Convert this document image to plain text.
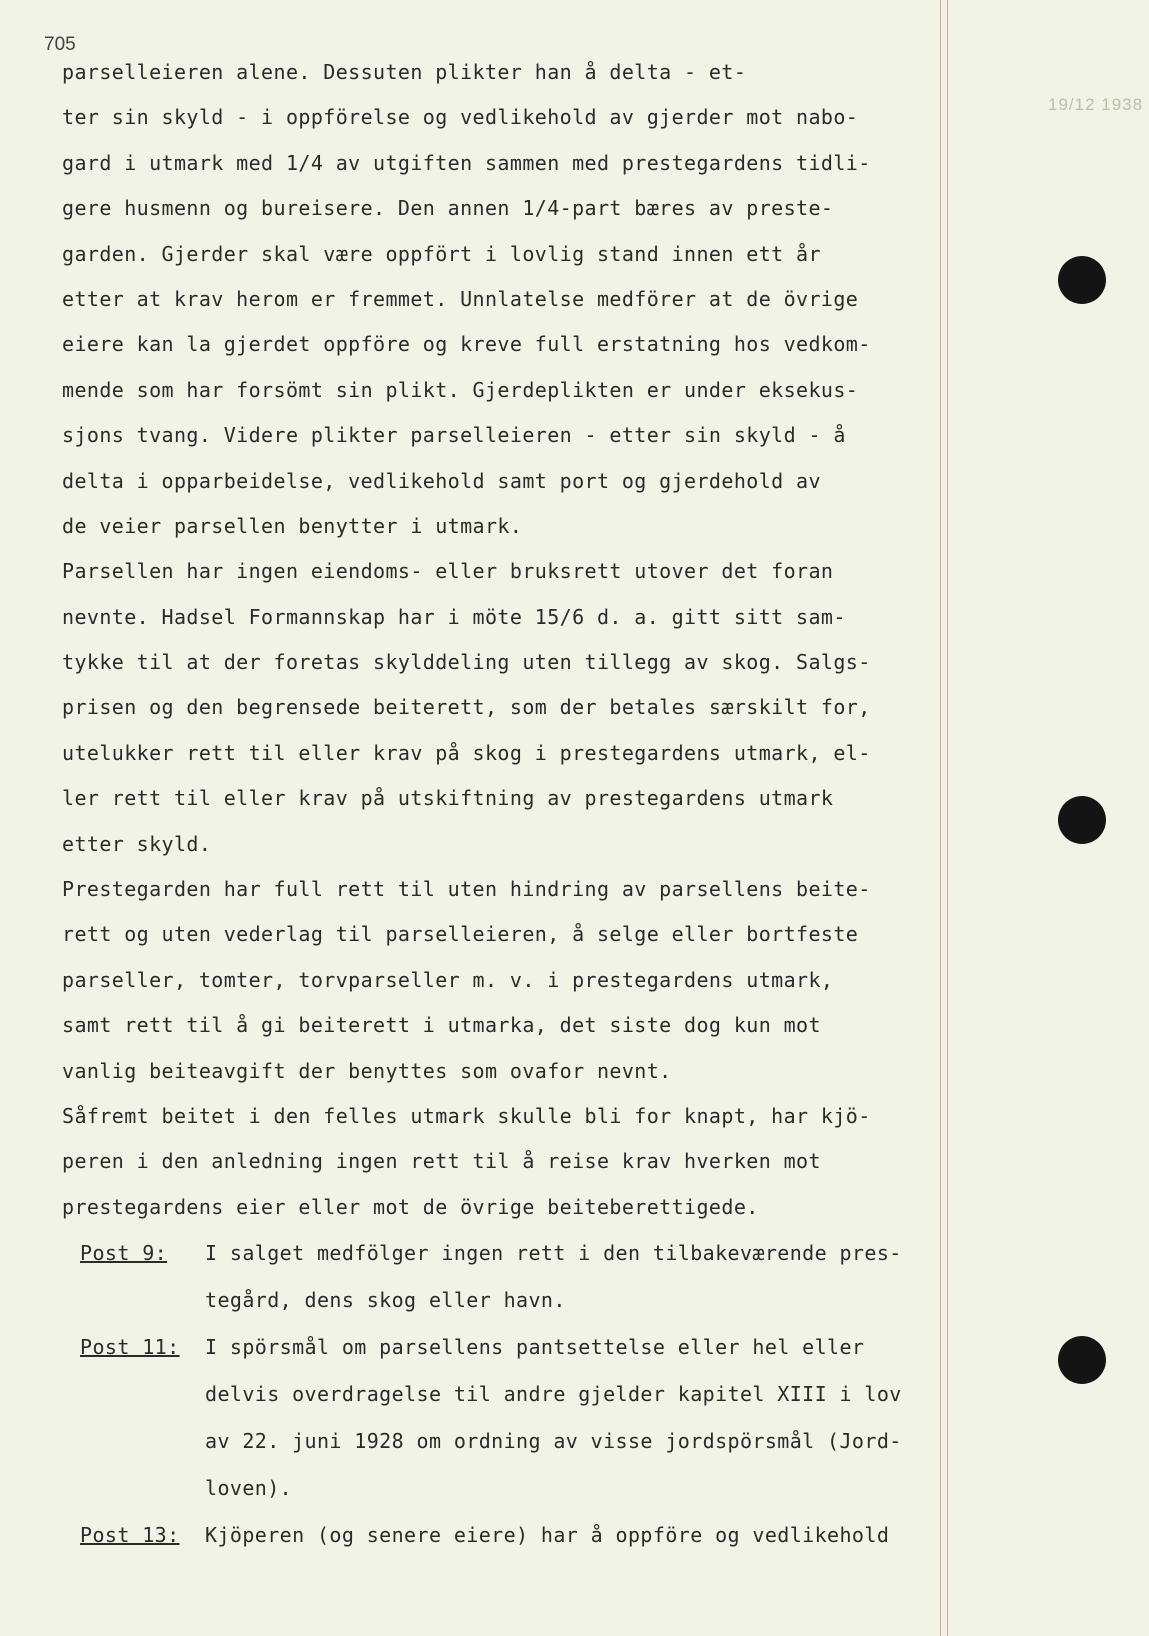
705
19/12 1938
parselleieren alene. Dessuten plikter han å delta - et-
ter sin skyld - i oppförelse og vedlikehold av gjerder mot nabo-
gard i utmark med 1/4 av utgiften sammen med prestegardens tidli-
gere husmenn og bureisere. Den annen 1/4-part bæres av preste-
garden. Gjerder skal være oppfört i lovlig stand innen ett år
etter at krav herom er fremmet. Unnlatelse medförer at de övrige
eiere kan la gjerdet oppföre og kreve full erstatning hos vedkom-
mende som har forsömt sin plikt. Gjerdeplikten er under eksekus-
sjons tvang. Videre plikter parselleieren - etter sin skyld - å
delta i opparbeidelse, vedlikehold samt port og gjerdehold av
de veier parsellen benytter i utmark.
Parsellen har ingen eiendoms- eller bruksrett utover det foran
nevnte. Hadsel Formannskap har i möte 15/6 d. a. gitt sitt sam-
tykke til at der foretas skylddeling uten tillegg av skog. Salgs-
prisen og den begrensede beiterett, som der betales særskilt for,
utelukker rett til eller krav på skog i prestegardens utmark, el-
ler rett til eller krav på utskiftning av prestegardens utmark
etter skyld.
Prestegarden har full rett til uten hindring av parsellens beite-
rett og uten vederlag til parselleieren, å selge eller bortfeste
parseller, tomter, torvparseller m. v. i prestegardens utmark,
samt rett til å gi beiterett i utmarka, det siste dog kun mot
vanlig beiteavgift der benyttes som ovafor nevnt.
Såfremt beitet i den felles utmark skulle bli for knapt, har kjö-
peren i den anledning ingen rett til å reise krav hverken mot
prestegardens eier eller mot de övrige beiteberettigede.
Post 9: I salget medfölger ingen rett i den tilbakeværende pres-
tegård, dens skog eller havn.
Post 11: I spörsmål om parsellens pantsettelse eller hel eller
delvis overdragelse til andre gjelder kapitel XIII i lov
av 22. juni 1928 om ordning av visse jordspörsmål (Jord-
loven).
Post 13: Kjöperen (og senere eiere) har å oppföre og vedlikehold
